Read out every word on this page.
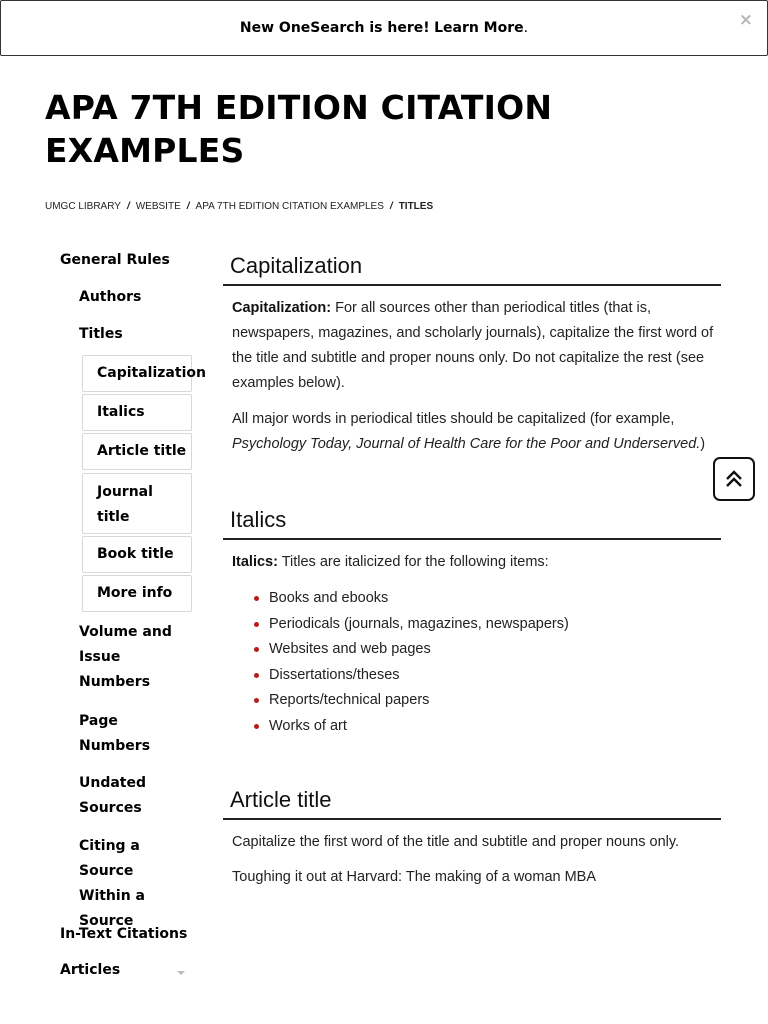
New OneSearch is here! Learn More.	×
APA 7TH EDITION CITATION EXAMPLES
UMGC LIBRARY / WEBSITE / APA 7TH EDITION CITATION EXAMPLES / TITLES
General Rules
Authors
Titles
Capitalization
Italics
Article title
Journal title
Book title
More info
Volume and Issue Numbers
Page Numbers
Undated Sources
Citing a Source Within a Source
In-Text Citations
Articles
Capitalization

Capitalization: For all sources other than periodical titles (that is, newspapers, magazines, and scholarly journals), capitalize the first word of the title and subtitle and proper nouns only. Do not capitalize the rest (see examples below).

All major words in periodical titles should be capitalized (for example, Psychology Today, Journal of Health Care for the Poor and Underserved.)

Italics

Italics: Titles are italicized for the following items:

Books and ebooks
Periodicals (journals, magazines, newspapers)
Websites and web pages
Dissertations/theses
Reports/technical papers
Works of art
Article title

Capitalize the first word of the title and subtitle and proper nouns only.

Toughing it out at Harvard: The making of a woman MBA
